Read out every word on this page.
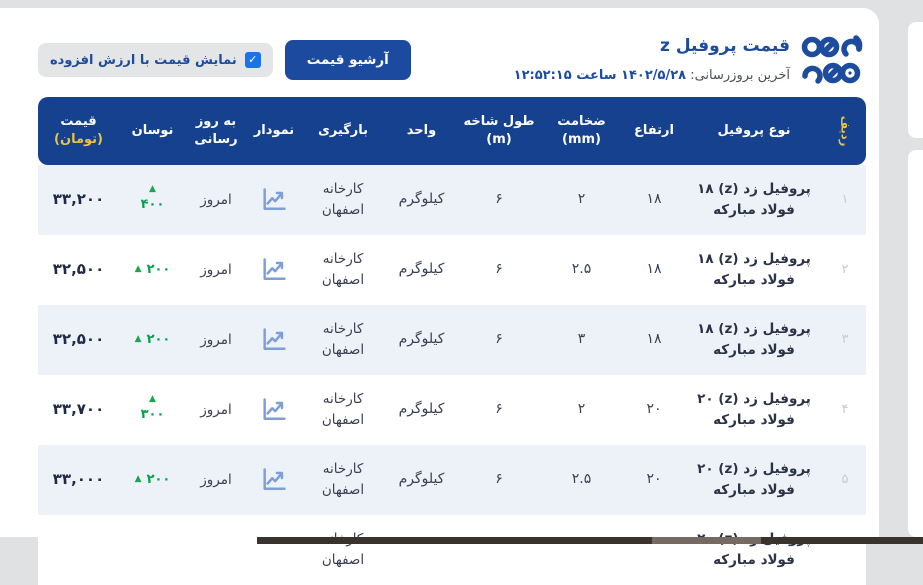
قیمت پروفیل z
آخرین بروزرسانی: ۱۴۰۲/۵/۲۸ ساعت ۱۲:۵۲:۱۵
آرشیو قیمت
✓
نمایش قیمت با ارزش افزوده
ردیف
نوع پروفیل
ارتفاع
ضخامت
(mm)
طول شاخه
(m)
واحد
بارگیری
نمودار
به روز
رسانی
نوسان
قیمت
(تومان)
۱
پروفیل زد (z) ۱۸ فولاد مبارکه
۱۸
۲
۶
کیلوگرم
کارخانه اصفهان
امروز
▲
۴۰۰
۳۳,۲۰۰
۲
پروفیل زد (z) ۱۸ فولاد مبارکه
۱۸
۲.۵
۶
کیلوگرم
کارخانه اصفهان
امروز
▲ ۲۰۰
۳۲,۵۰۰
۳
پروفیل زد (z) ۱۸ فولاد مبارکه
۱۸
۳
۶
کیلوگرم
کارخانه اصفهان
امروز
▲ ۲۰۰
۳۲,۵۰۰
۴
پروفیل زد (z) ۲۰ فولاد مبارکه
۲۰
۲
۶
کیلوگرم
کارخانه اصفهان
امروز
▲
۳۰۰
۳۳,۷۰۰
۵
پروفیل زد (z) ۲۰ فولاد مبارکه
۲۰
۲.۵
۶
کیلوگرم
کارخانه اصفهان
امروز
▲ ۲۰۰
۳۳,۰۰۰
فولاد مبارکه
اصفهان
